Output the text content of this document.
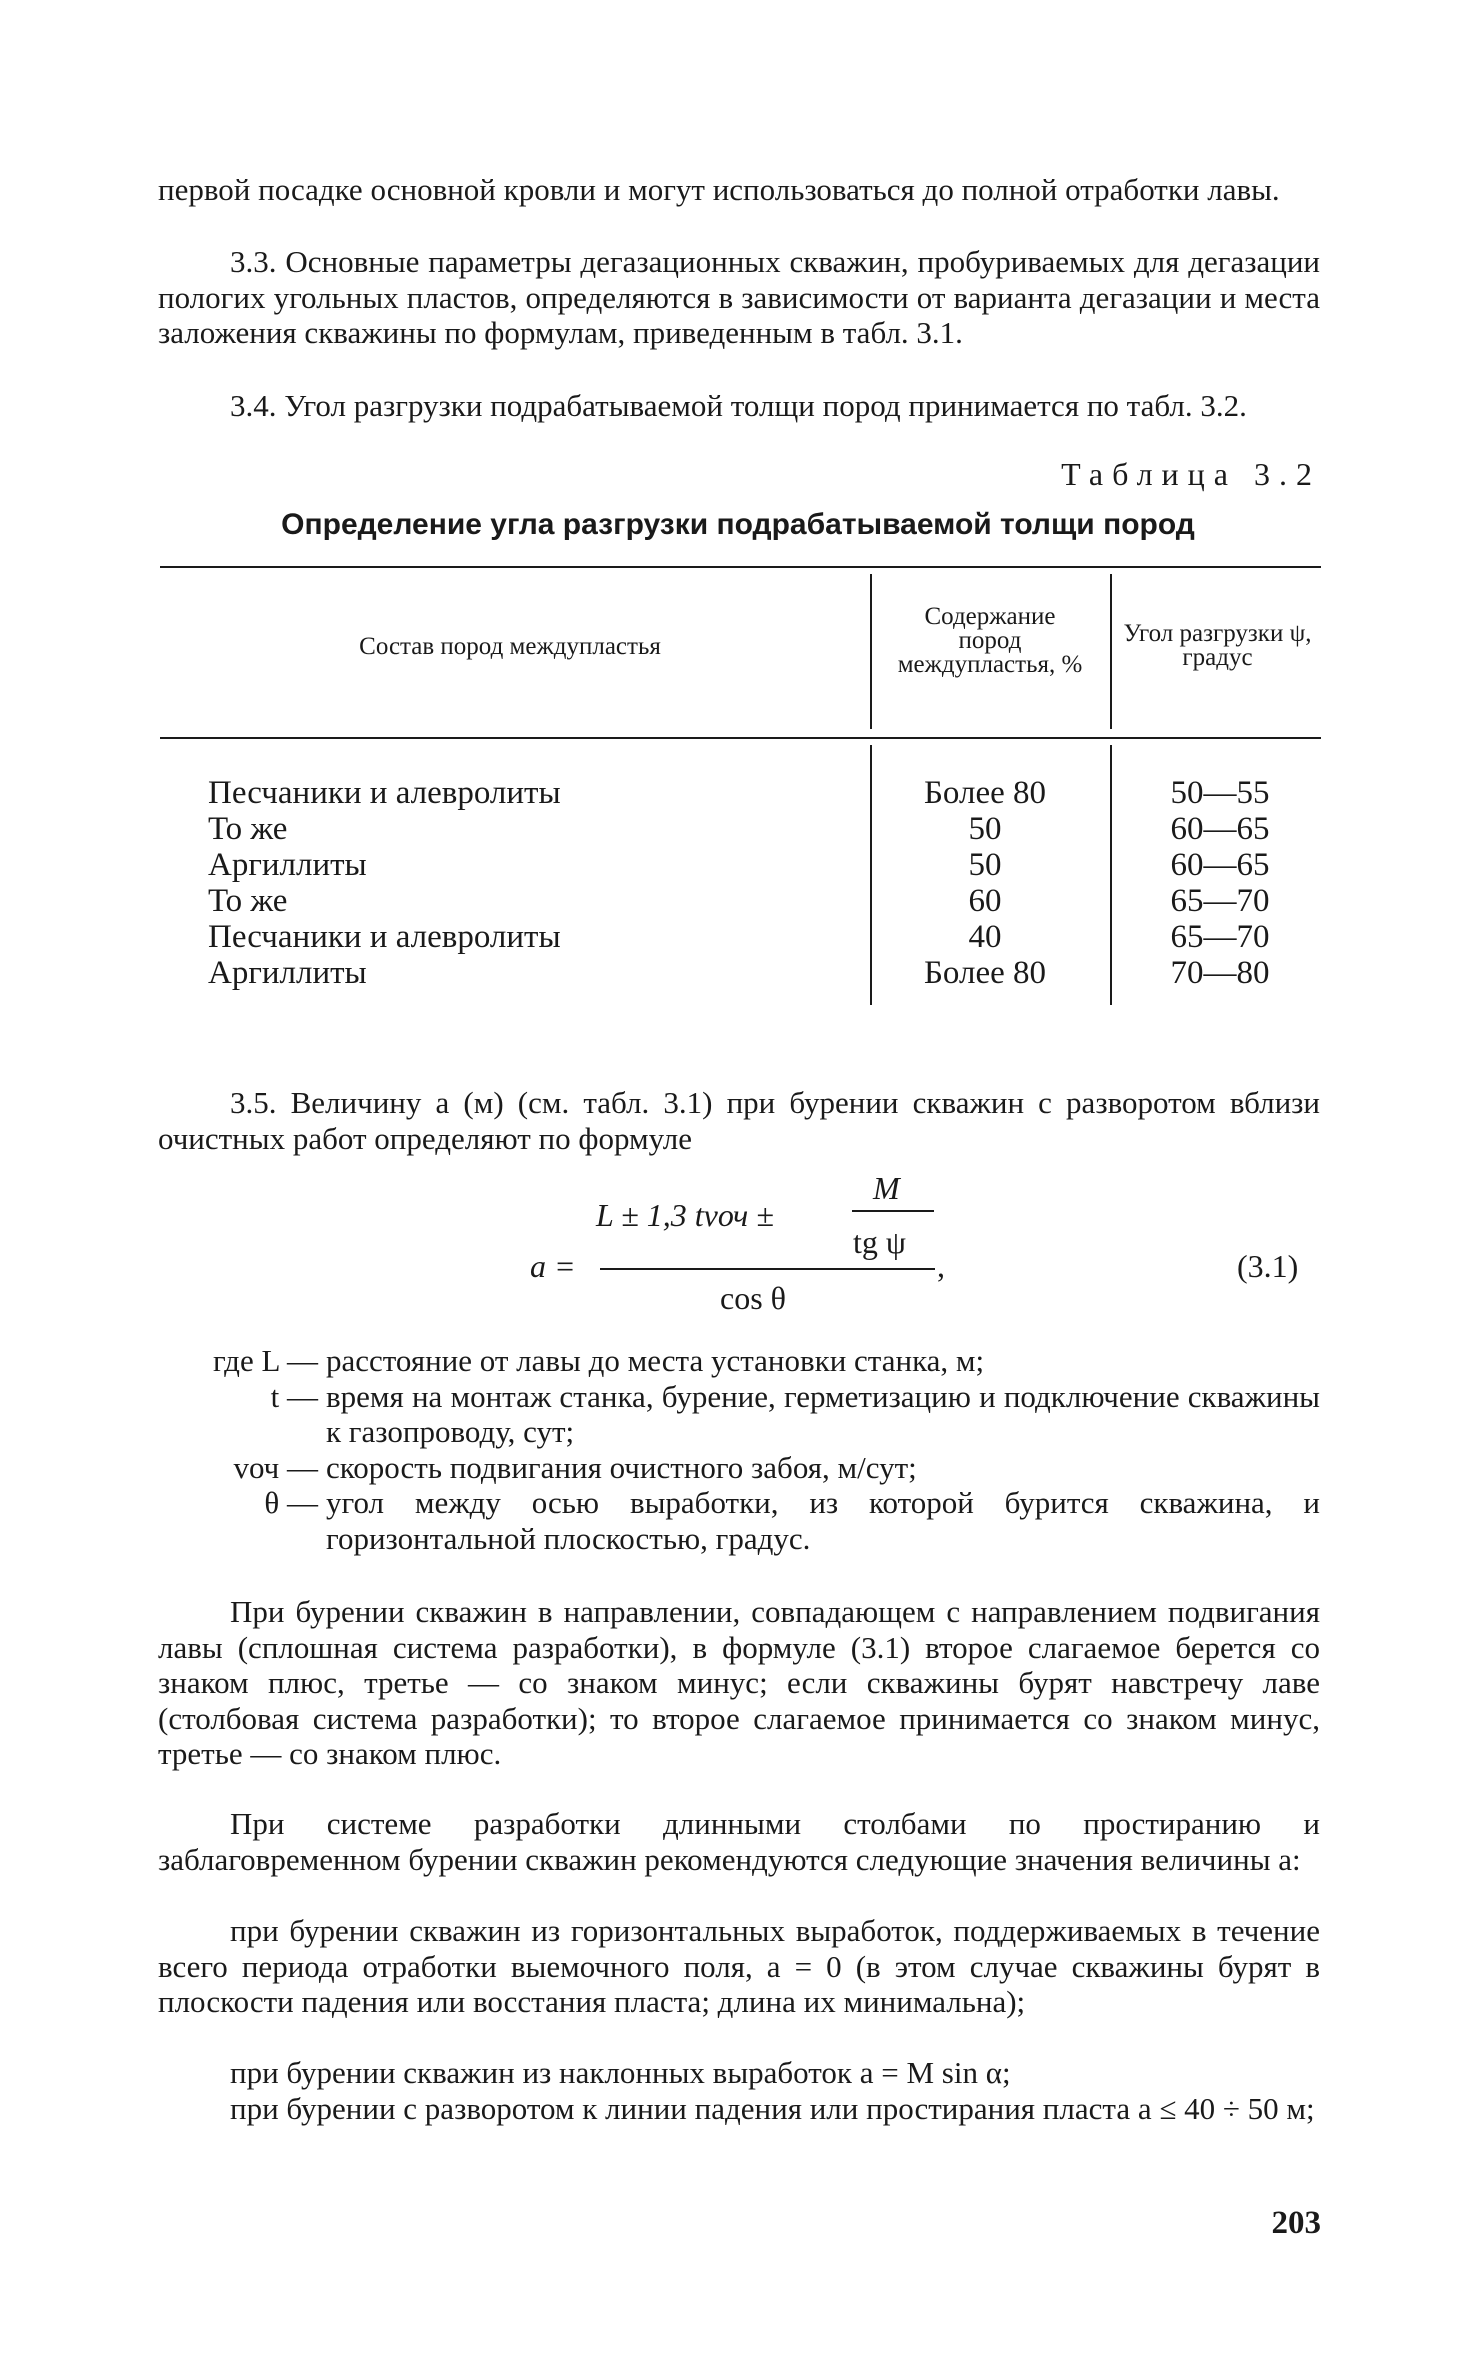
первой посадке основной кровли и могут использоваться до полной отработки лавы.

3.3. Основные параметры дегазационных скважин, пробуриваемых для дегазации пологих угольных пластов, определяются в зависимости от варианта дегазации и места заложения скважины по формулам, приведенным в табл. 3.1.

3.4. Угол разгрузки подрабатываемой толщи пород принимается по табл. 3.2.

Таблица 3.2
Определение угла разгрузки подрабатываемой толщи пород
Состав пород междупластья
Содержание пород междупластья, %
Угол разгрузки ψ, градус
Песчаники и алевролиты
То же
Аргиллиты
То же
Песчаники и алевролиты
Аргиллиты
Более 80
50
50
60
40
Более 80
50—55
60—65
60—65
65—70
65—70
70—80

3.5. Величину a (м) (см. табл. 3.1) при бурении скважин с разворотом вблизи очистных работ определяют по формуле

M
L ± 1,3 tvоч ±
tg ψ
a =	,
cos θ
(3.1)
где L — расстояние от лавы до места установки станка, м;
t — время на монтаж станка, бурение, герметизацию и подключение скважины к газопроводу, сут;
vоч — скорость подвигания очистного забоя, м/сут;
θ — угол между осью выработки, из которой бурится скважина, и горизонтальной плоскостью, градус.

При бурении скважин в направлении, совпадающем с направлением подвигания лавы (сплошная система разработки), в формуле (3.1) второе слагаемое берется со знаком плюс, третье — со знаком минус; если скважины бурят навстречу лаве (столбовая система разработки); то второе слагаемое принимается со знаком минус, третье — со знаком плюс.

При системе разработки длинными столбами по простиранию и заблаговременном бурении скважин рекомендуются следующие значения величины a:

при бурении скважин из горизонтальных выработок, поддерживаемых в течение всего периода отработки выемочного поля, a = 0 (в этом случае скважины бурят в плоскости падения или восстания пласта; длина их минимальна);

при бурении скважин из наклонных выработок a = M sin α;

при бурении с разворотом к линии падения или простирания пласта a ≤ 40 ÷ 50 м;

203
